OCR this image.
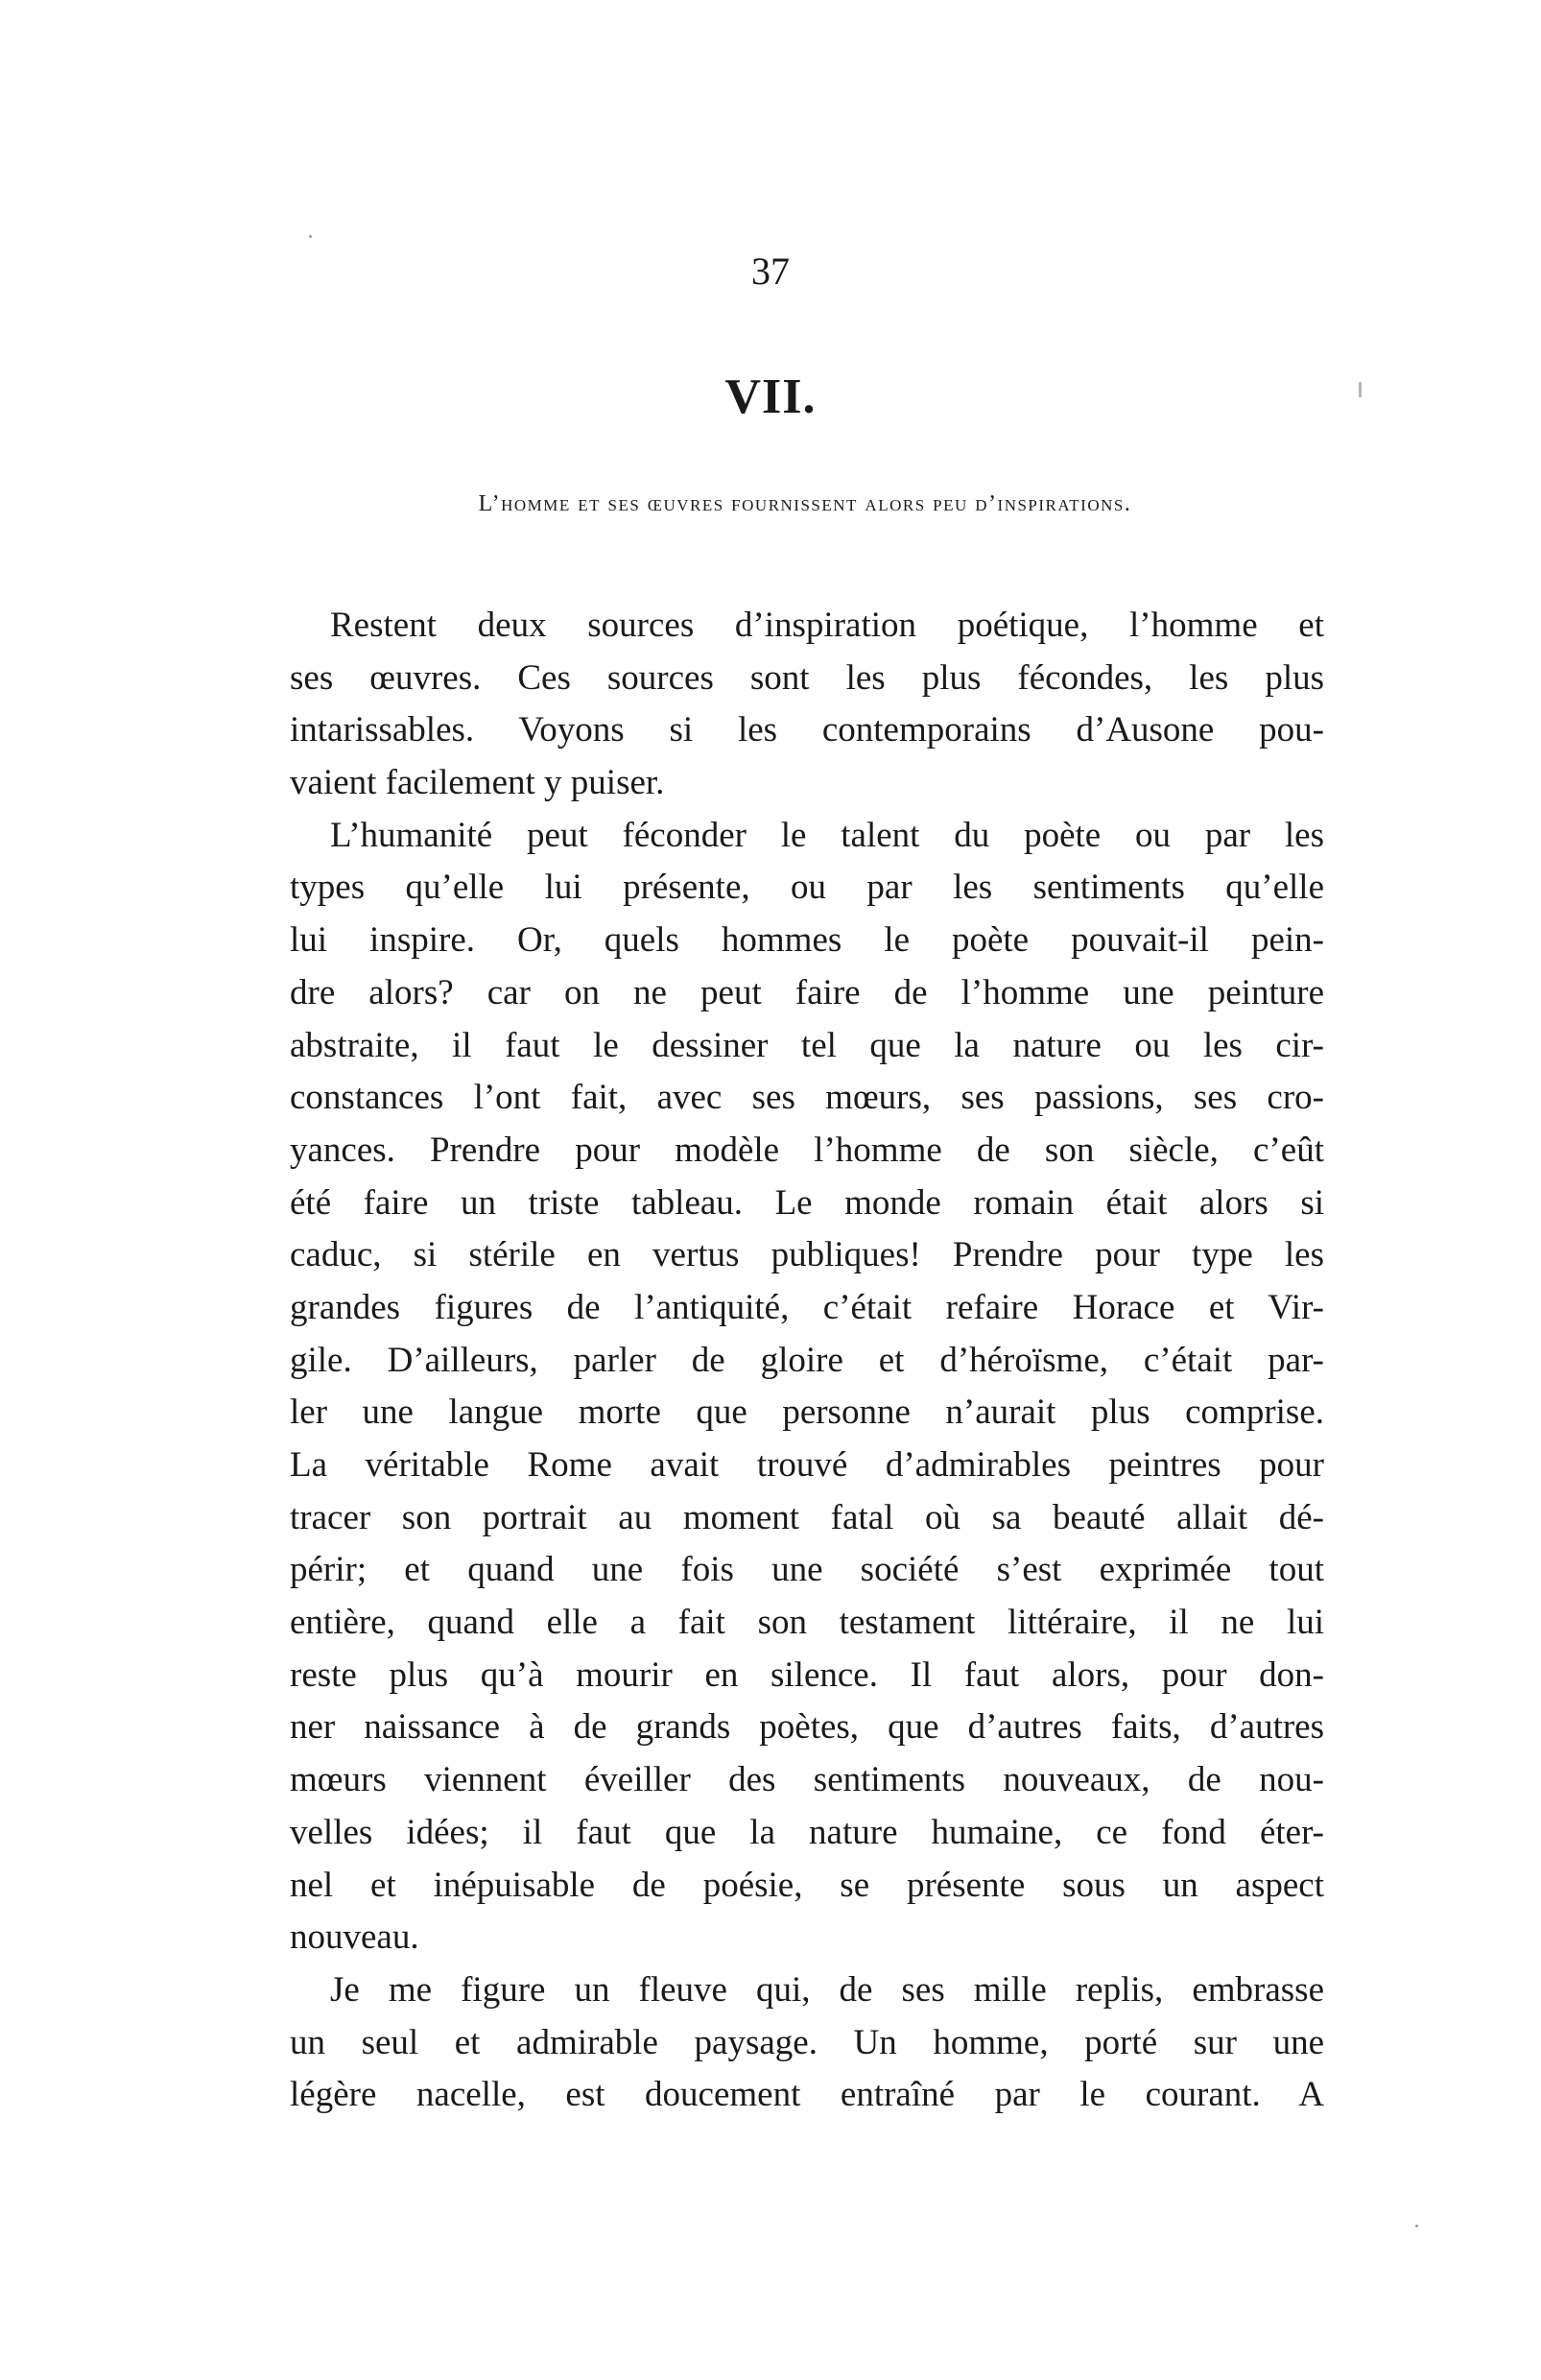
37
VII.
L’homme et ses œuvres fournissent alors peu d’inspirations.
Restent deux sources d’inspiration poétique, l’homme et
ses œuvres. Ces sources sont les plus fécondes, les plus
intarissables. Voyons si les contemporains d’Ausone pou-
vaient facilement y puiser.
L’humanité peut féconder le talent du poète ou par les
types qu’elle lui présente, ou par les sentiments qu’elle
lui inspire. Or, quels hommes le poète pouvait-il pein-
dre alors? car on ne peut faire de l’homme une peinture
abstraite, il faut le dessiner tel que la nature ou les cir-
constances l’ont fait, avec ses mœurs, ses passions, ses cro-
yances. Prendre pour modèle l’homme de son siècle, c’eût
été faire un triste tableau. Le monde romain était alors si
caduc, si stérile en vertus publiques! Prendre pour type les
grandes figures de l’antiquité, c’était refaire Horace et Vir-
gile. D’ailleurs, parler de gloire et d’héroïsme, c’était par-
ler une langue morte que personne n’aurait plus comprise.
La véritable Rome avait trouvé d’admirables peintres pour
tracer son portrait au moment fatal où sa beauté allait dé-
périr; et quand une fois une société s’est exprimée tout
entière, quand elle a fait son testament littéraire, il ne lui
reste plus qu’à mourir en silence. Il faut alors, pour don-
ner naissance à de grands poètes, que d’autres faits, d’autres
mœurs viennent éveiller des sentiments nouveaux, de nou-
velles idées; il faut que la nature humaine, ce fond éter-
nel et inépuisable de poésie, se présente sous un aspect
nouveau.
Je me figure un fleuve qui, de ses mille replis, embrasse
un seul et admirable paysage. Un homme, porté sur une
légère nacelle, est doucement entraîné par le courant. A
